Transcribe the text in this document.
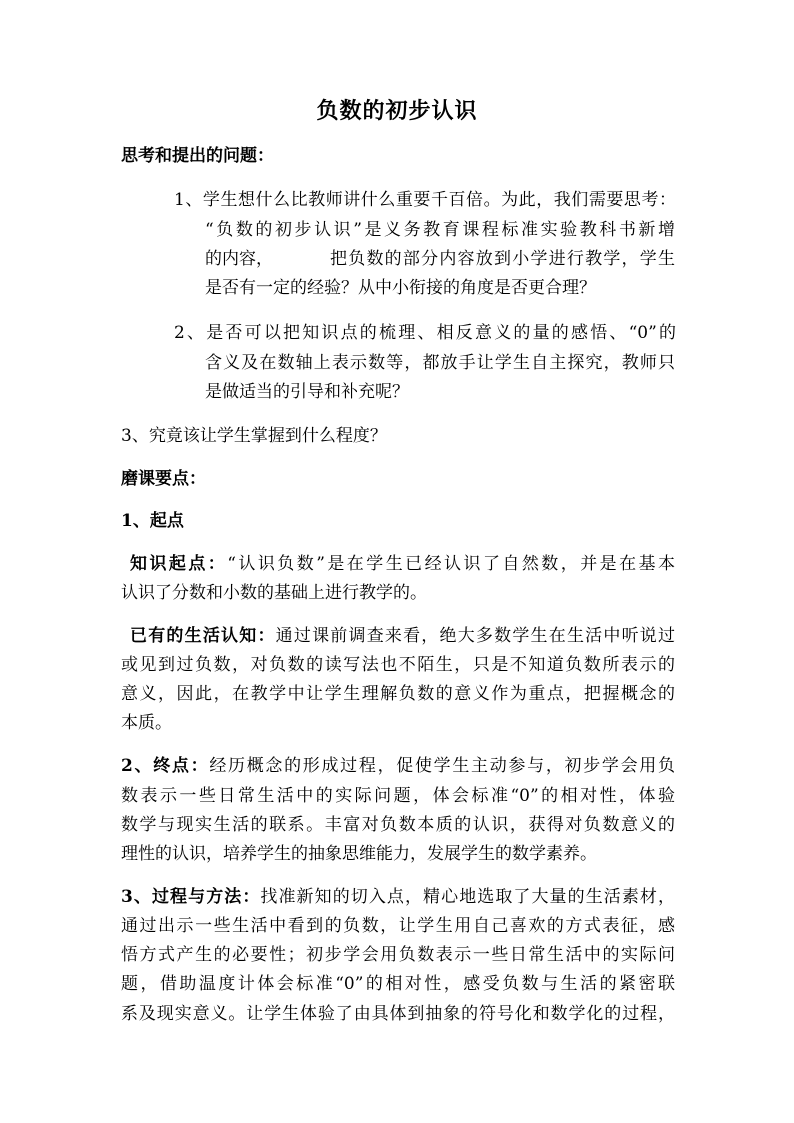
负数的初步认识
思考和提出的问题：
1、学生想什么比教师讲什么重要千百倍。为此，我们需要思考：
“负数的初步认识”是义务教育课程标准实验教科书新增
的内容，	把负数的部分内容放到小学进行教学，学生
是否有一定的经验？从中小衔接的角度是否更合理？
2、是否可以把知识点的梳理、相反意义的量的感悟、“0”的
含义及在数轴上表示数等，都放手让学生自主探究，教师只
是做适当的引导和补充呢？
3、究竟该让学生掌握到什么程度？
磨课要点：
1、起点
知识起点：“认识负数”是在学生已经认识了自然数，并是在基本
认识了分数和小数的基础上进行教学的。
已有的生活认知：通过课前调查来看，绝大多数学生在生活中听说过
或见到过负数，对负数的读写法也不陌生，只是不知道负数所表示的
意义，因此，在教学中让学生理解负数的意义作为重点，把握概念的
本质。
2、终点：经历概念的形成过程，促使学生主动参与，初步学会用负
数表示一些日常生活中的实际问题，体会标准“0”的相对性，体验
数学与现实生活的联系。丰富对负数本质的认识，获得对负数意义的
理性的认识，培养学生的抽象思维能力，发展学生的数学素养。
3、过程与方法：找准新知的切入点，精心地选取了大量的生活素材，
通过出示一些生活中看到的负数，让学生用自己喜欢的方式表征，感
悟方式产生的必要性；初步学会用负数表示一些日常生活中的实际问
题，借助温度计体会标准“0”的相对性，感受负数与生活的紧密联
系及现实意义。让学生体验了由具体到抽象的符号化和数学化的过程，
